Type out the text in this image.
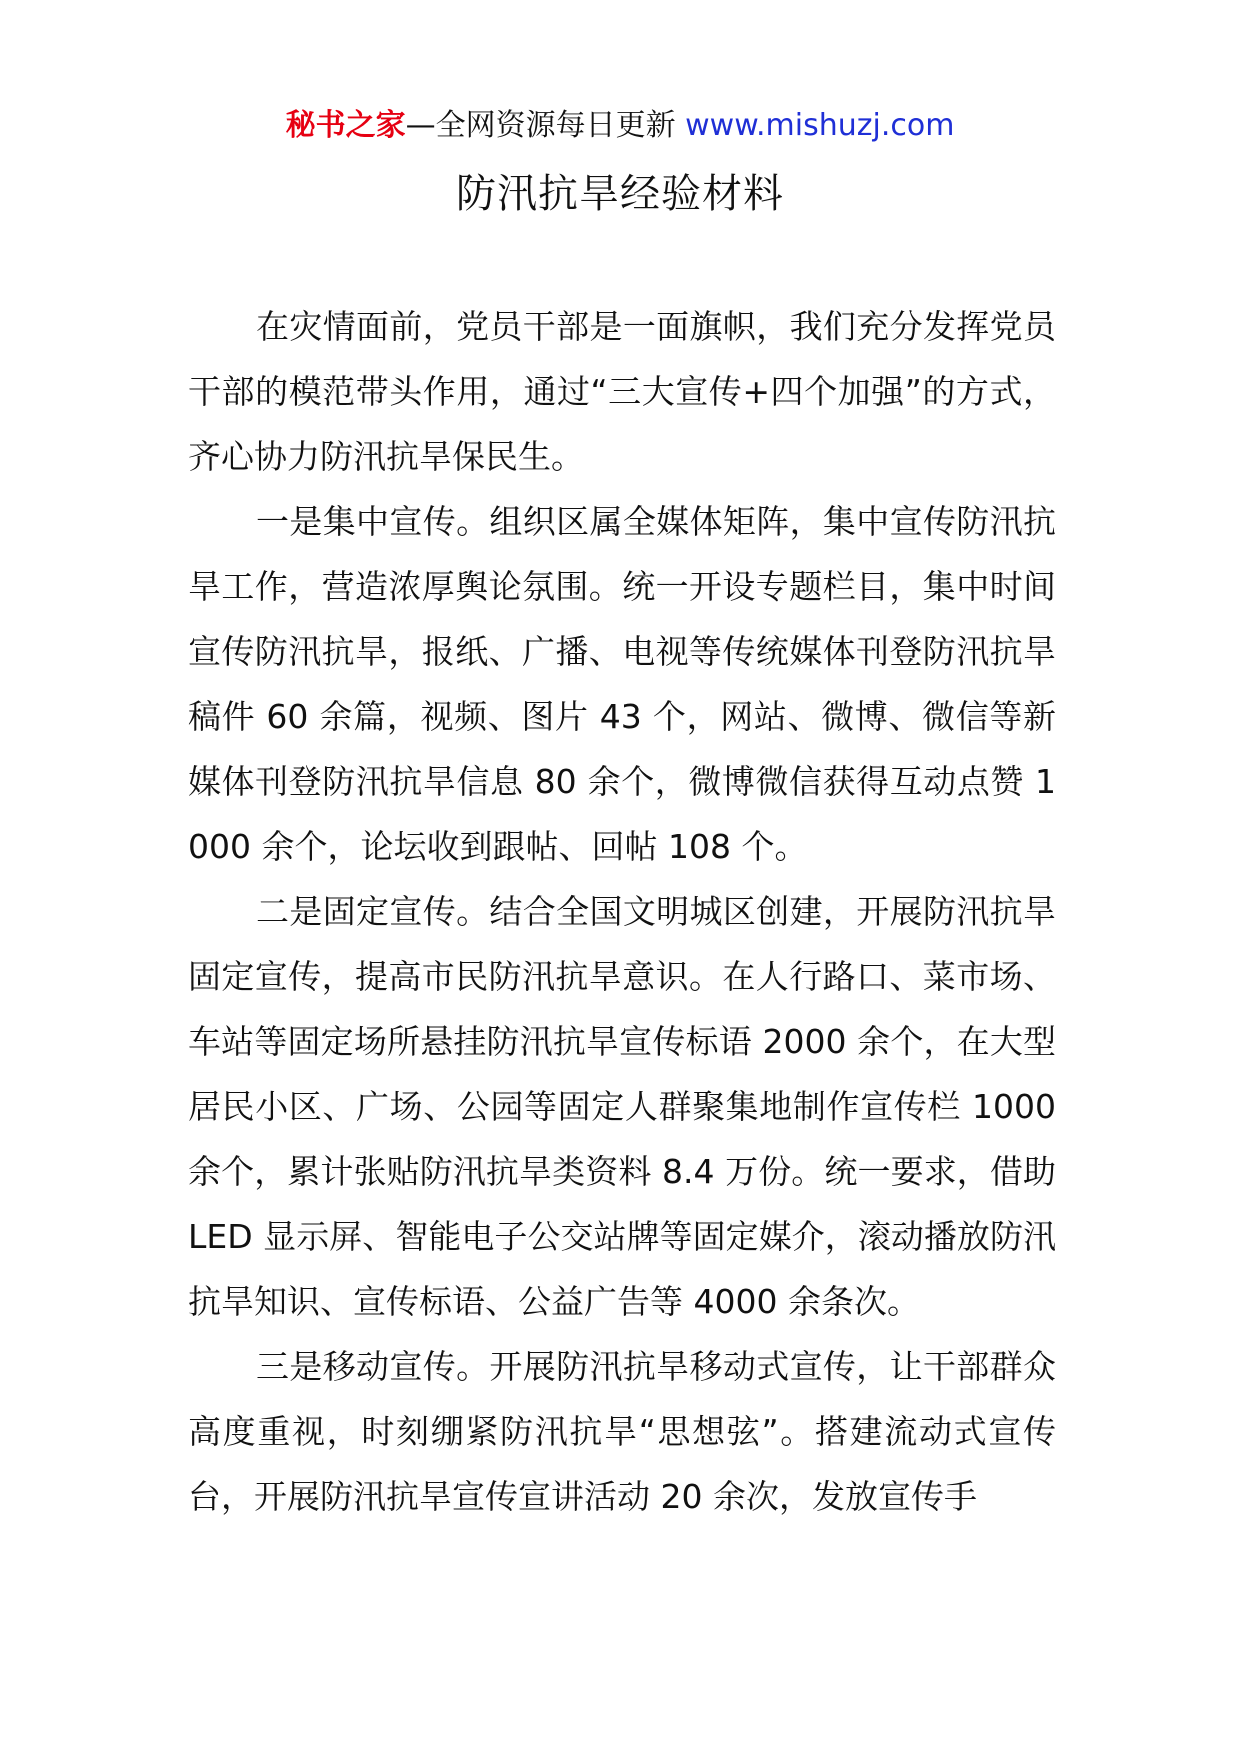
秘书之家—全网资源每日更新 www.mishuzj.com
防汛抗旱经验材料

在灾情面前，党员干部是一面旗帜，我们充分发挥党员干部的模范带头作用，通过“三大宣传+四个加强”的方式，齐心协力防汛抗旱保民生。

一是集中宣传。组织区属全媒体矩阵，集中宣传防汛抗旱工作，营造浓厚舆论氛围。统一开设专题栏目，集中时间宣传防汛抗旱，报纸、广播、电视等传统媒体刊登防汛抗旱稿件 60 余篇，视频、图片 43 个，网站、微博、微信等新媒体刊登防汛抗旱信息 80 余个，微博微信获得互动点赞 1000 余个，论坛收到跟帖、回帖 108 个。

二是固定宣传。结合全国文明城区创建，开展防汛抗旱固定宣传，提高市民防汛抗旱意识。在人行路口、菜市场、车站等固定场所悬挂防汛抗旱宣传标语 2000 余个，在大型居民小区、广场、公园等固定人群聚集地制作宣传栏 1000 余个，累计张贴防汛抗旱类资料 8.4 万份。统一要求，借助 LED 显示屏、智能电子公交站牌等固定媒介，滚动播放防汛抗旱知识、宣传标语、公益广告等 4000 余条次。

三是移动宣传。开展防汛抗旱移动式宣传，让干部群众高度重视，时刻绷紧防汛抗旱“思想弦”。搭建流动式宣传台，开展防汛抗旱宣传宣讲活动 20 余次，发放宣传手
